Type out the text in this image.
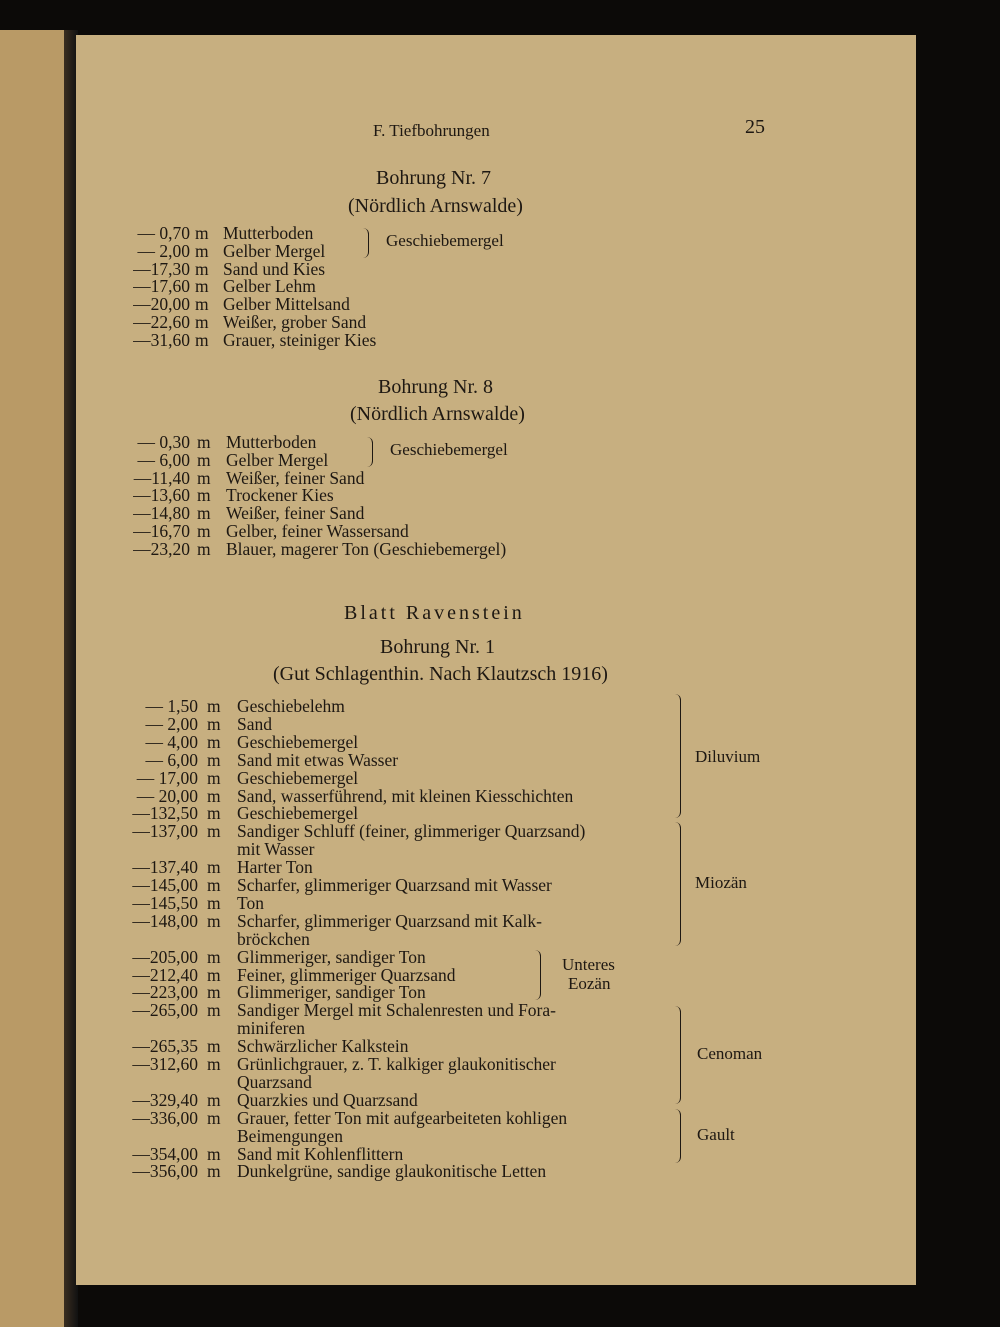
F. Tiefbohrungen	25
Bohrung Nr. 7
(Nördlich Arnswalde)
— 0,70 m Mutterboden
— 2,00 m Gelber Mergel
—17,30 m Sand und Kies
—17,60 m Gelber Lehm
—20,00 m Gelber Mittelsand
—22,60 m Weißer, grober Sand
—31,60 m Grauer, steiniger Kies
Geschiebemergel
Bohrung Nr. 8
(Nördlich Arnswalde)
— 0,30 m Mutterboden
— 6,00 m Gelber Mergel
—11,40 m Weißer, feiner Sand
—13,60 m Trockener Kies
—14,80 m Weißer, feiner Sand
—16,70 m Gelber, feiner Wassersand
—23,20 m Blauer, magerer Ton (Geschiebemergel)
Geschiebemergel
Blatt Ravenstein
Bohrung Nr. 1
(Gut Schlagenthin. Nach Klautzsch 1916)
— 1,50 m Geschiebelehm
— 2,00 m Sand
— 4,00 m Geschiebemergel
— 6,00 m Sand mit etwas Wasser
— 17,00 m Geschiebemergel
— 20,00 m Sand, wasserführend, mit kleinen Kiesschichten
—132,50 m Geschiebemergel
—137,00 m Sandiger Schluff (feiner, glimmeriger Quarzsand)
mit Wasser
—137,40 m Harter Ton
—145,00 m Scharfer, glimmeriger Quarzsand mit Wasser
—145,50 m Ton
—148,00 m Scharfer, glimmeriger Quarzsand mit Kalk-
bröckchen
—205,00 m Glimmeriger, sandiger Ton
—212,40 m Feiner, glimmeriger Quarzsand
—223,00 m Glimmeriger, sandiger Ton
—265,00 m Sandiger Mergel mit Schalenresten und Fora-
miniferen
—265,35 m Schwärzlicher Kalkstein
—312,60 m Grünlichgrauer, z. T. kalkiger glaukonitischer
Quarzsand
—329,40 m Quarzkies und Quarzsand
—336,00 m Grauer, fetter Ton mit aufgearbeiteten kohligen
Beimengungen
—354,00 m Sand mit Kohlenflittern
—356,00 m Dunkelgrüne, sandige glaukonitische Letten
Diluvium
Miozän
Unteres
Eozän
Cenoman
Gault
